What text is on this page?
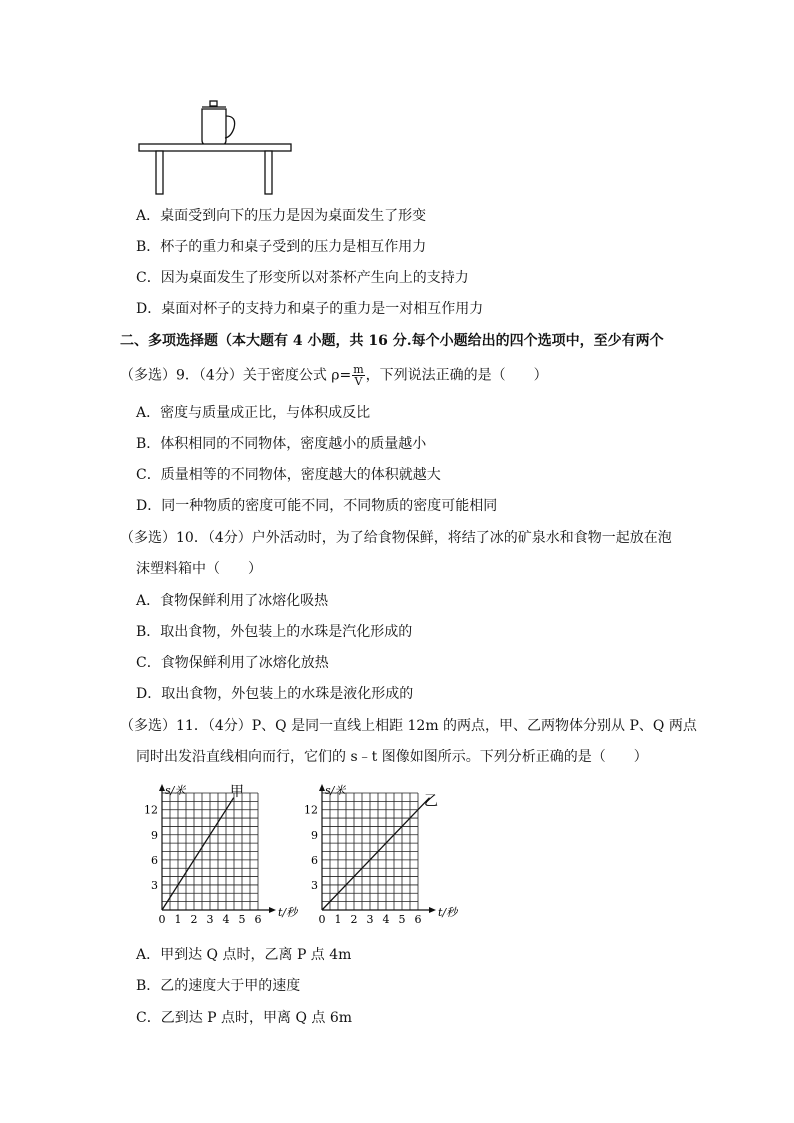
A．桌面受到向下的压力是因为桌面发生了形变
B．杯子的重力和桌子受到的压力是相互作用力
C．因为桌面发生了形变所以对茶杯产生向上的支持力
D．桌面对杯子的支持力和桌子的重力是一对相互作用力
二、多项选择题（本大题有 4 小题，共 16 分.每个小题给出的四个选项中，至少有两个
（多选）9．（4分）关于密度公式 $\rho= \frac{m}{V}$ ，下列说法正确的是（　　）
A．密度与质量成正比，与体积成反比
B．体积相同的不同物体，密度越小的质量越小
C．质量相等的不同物体，密度越大的体积就越大
D．同一种物质的密度可能不同，不同物质的密度可能相同
（多选）10．（4分）户外活动时，为了给食物保鲜，将结了冰的矿泉水和食物一起放在泡
沫塑料箱中（　　）
A．食物保鲜利用了冰熔化吸热
B．取出食物，外包装上的水珠是汽化形成的
C．食物保鲜利用了冰熔化放热
D．取出食物，外包装上的水珠是液化形成的
（多选）11．（4分）P、Q 是同一直线上相距 12m 的两点，甲、乙两物体分别从 P、Q 两点
同时出发沿直线相向而行，它们的 s﹣t 图像如图所示。下列分析正确的是（　　）
3
6
9
12
0 1 2 3 4 5 6
s/米
t/秒
甲
3
6
9
12
0 1 2 3 4 5 6
s/米
t/秒
乙
A．甲到达 Q 点时，乙离 P 点 4m
B．乙的速度大于甲的速度
C．乙到达 P 点时，甲离 Q 点 6m
